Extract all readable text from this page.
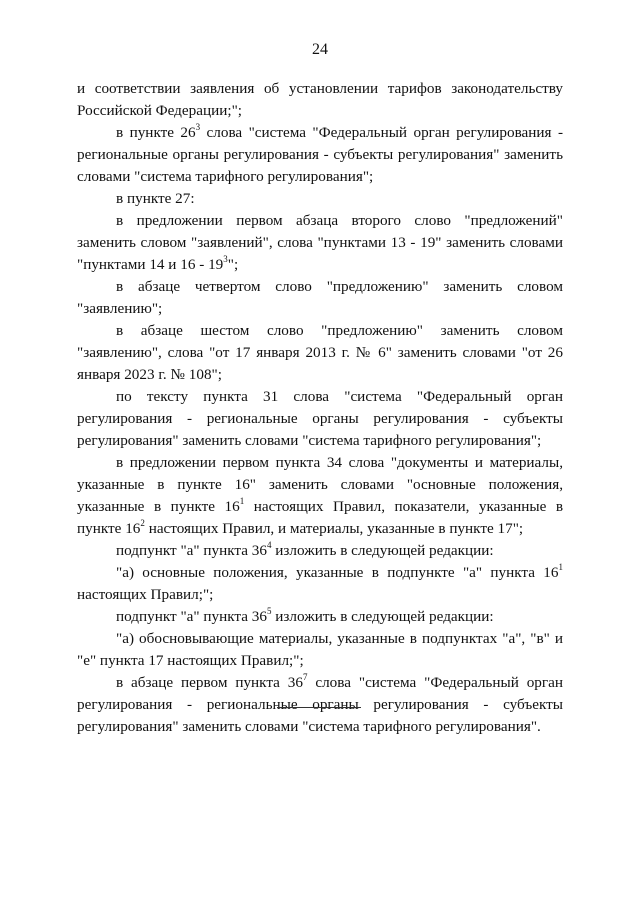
24

и соответствии заявления об установлении тарифов законодательству Российской Федерации;";

в пункте $26^3$ слова "система "Федеральный орган регулирования - региональные органы регулирования - субъекты регулирования" заменить словами "система тарифного регулирования";

в пункте 27:

в предложении первом абзаца второго слово "предложений" заменить словом "заявлений", слова "пунктами 13 - 19" заменить словами "пунктами 14 и $16 - 19^3$";

в абзаце четвертом слово "предложению" заменить словом "заявлению";

в абзаце шестом слово "предложению" заменить словом "заявлению", слова "от 17 января 2013 г. № 6" заменить словами "от 26 января 2023 г. № 108";

по тексту пункта 31 слова "система "Федеральный орган регулирования - региональные органы регулирования - субъекты регулирования" заменить словами "система тарифного регулирования";

в предложении первом пункта 34 слова "документы и материалы, указанные в пункте 16" заменить словами "основные положения, указанные в пункте $16^1$ настоящих Правил, показатели, указанные в пункте $16^2$ настоящих Правил, и материалы, указанные в пункте 17";

подпункт "а" пункта $36^4$ изложить в следующей редакции:

"а) основные положения, указанные в подпункте "а" пункта $16^1$ настоящих Правил;";

подпункт "а" пункта $36^5$ изложить в следующей редакции:

"а) обосновывающие материалы, указанные в подпунктах "а", "в" и "е" пункта 17 настоящих Правил;";

в абзаце первом пункта $36^7$ слова "система "Федеральный орган регулирования - региональные органы регулирования - субъекты регулирования" заменить словами "система тарифного регулирования".
